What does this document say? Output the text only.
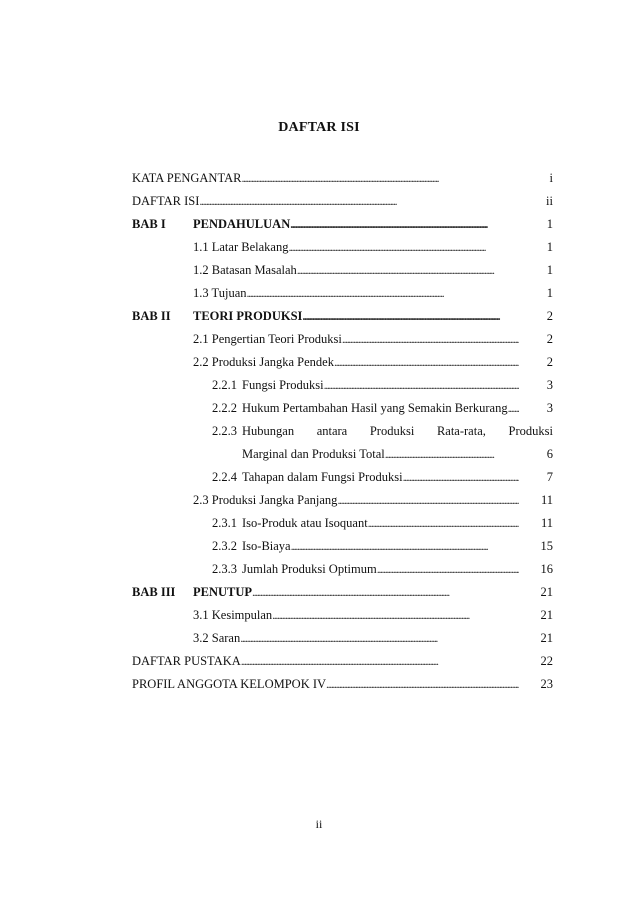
DAFTAR ISI
KATA PENGANTAR . . .	i
DAFTAR ISI . . .	ii
BAB I PENDAHULUAN . . .	1
1.1 Latar Belakang . . .	1
1.2 Batasan Masalah . . .	1
1.3 Tujuan . . .	1
BAB II TEORI PRODUKSI . . .	2
2.1 Pengertian Teori Produksi . . .	2
2.2 Produksi Jangka Pendek . . .	2
2.2.1 Fungsi Produksi . . .	3
2.2.2 Hukum Pertambahan Hasil yang Semakin Berkurang . . .	3
2.2.3 Hubungan antara Produksi Rata-rata, Produksi
Marginal dan Produksi Total . . .	6
2.2.4 Tahapan dalam Fungsi Produksi . . .	7
2.3 Produksi Jangka Panjang . . .	11
2.3.1 Iso-Produk atau Isoquant . . .	11
2.3.2 Iso-Biaya . . .	15
2.3.3 Jumlah Produksi Optimum . . .	16
BAB III PENUTUP . . .	21
3.1 Kesimpulan . . .	21
3.2 Saran . . .	21
DAFTAR PUSTAKA . . .	22
PROFIL ANGGOTA KELOMPOK IV . . .	23
ii
